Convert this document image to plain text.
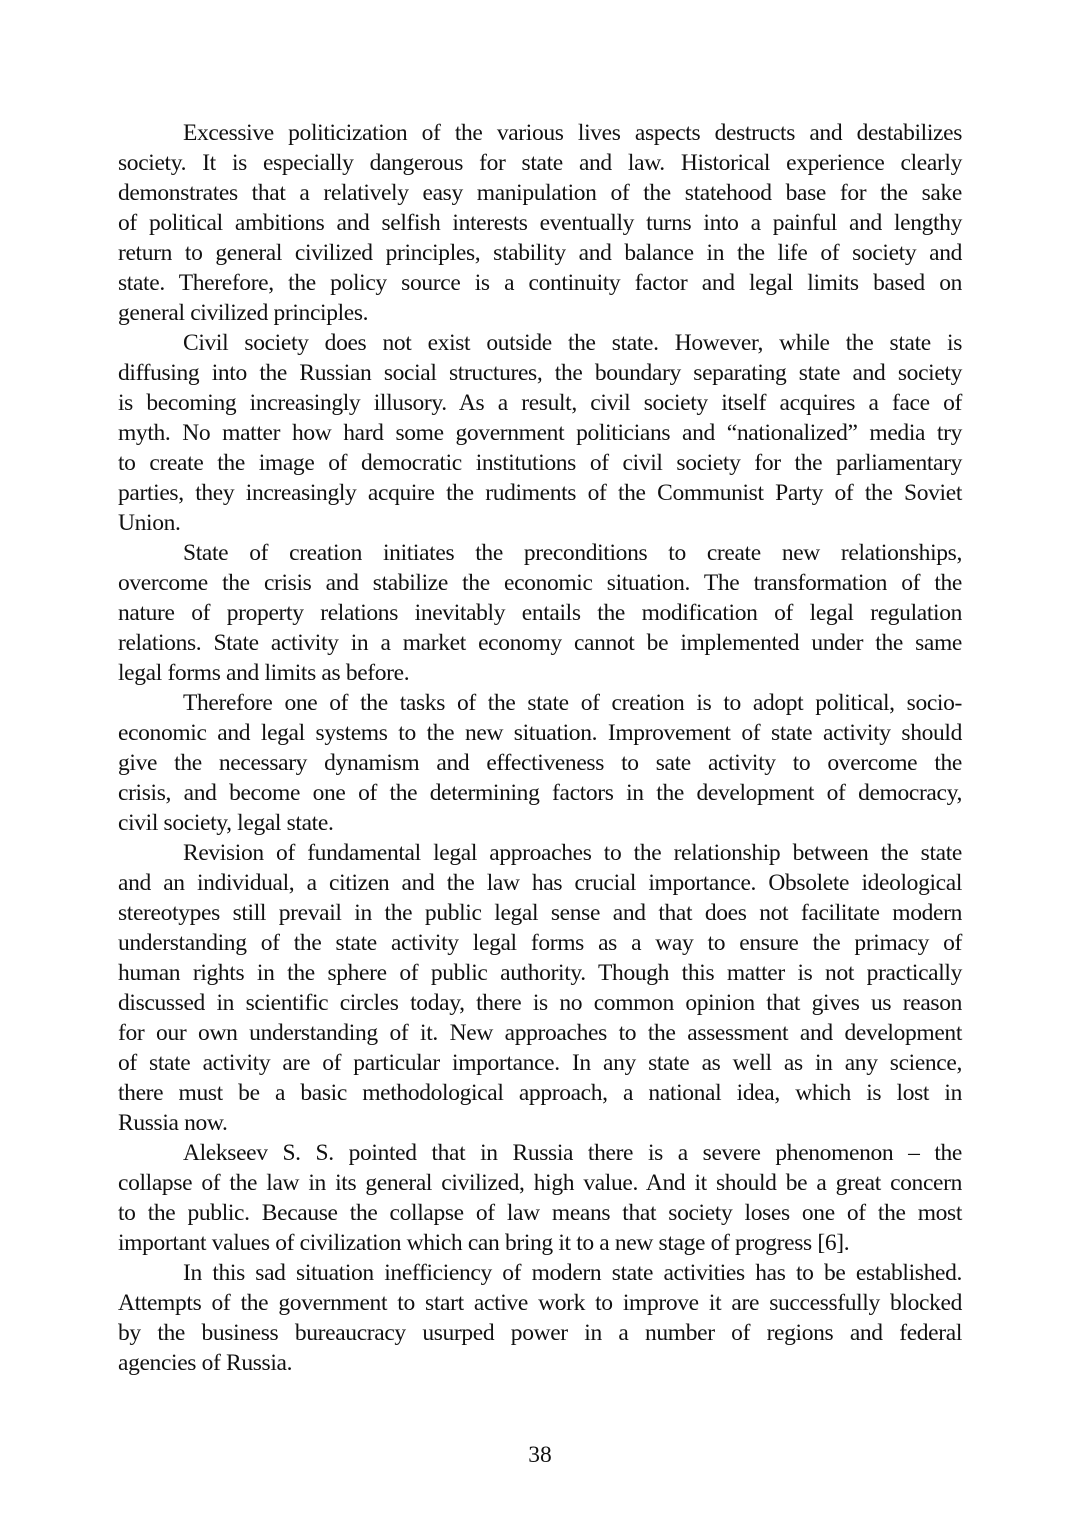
Excessive politicization of the various lives aspects destructs and destabilizes
society. It is especially dangerous for state and law. Historical experience clearly
demonstrates that a relatively easy manipulation of the statehood base for the sake
of political ambitions and selfish interests eventually turns into a painful and lengthy
return to general civilized principles, stability and balance in the life of society and
state. Therefore, the policy source is a continuity factor and legal limits based on
general civilized principles.

Civil society does not exist outside the state. However, while the state is
diffusing into the Russian social structures, the boundary separating state and society
is becoming increasingly illusory. As a result, civil society itself acquires a face of
myth. No matter how hard some government politicians and “nationalized” media try
to create the image of democratic institutions of civil society for the parliamentary
parties, they increasingly acquire the rudiments of the Communist Party of the Soviet
Union.

State of creation initiates the preconditions to create new relationships,
overcome the crisis and stabilize the economic situation. The transformation of the
nature of property relations inevitably entails the modification of legal regulation
relations. State activity in a market economy cannot be implemented under the same
legal forms and limits as before.

Therefore one of the tasks of the state of creation is to adopt political, socio-
economic and legal systems to the new situation. Improvement of state activity should
give the necessary dynamism and effectiveness to sate activity to overcome the
crisis, and become one of the determining factors in the development of democracy,
civil society, legal state.

Revision of fundamental legal approaches to the relationship between the state
and an individual, a citizen and the law has crucial importance. Obsolete ideological
stereotypes still prevail in the public legal sense and that does not facilitate modern
understanding of the state activity legal forms as a way to ensure the primacy of
human rights in the sphere of public authority. Though this matter is not practically
discussed in scientific circles today, there is no common opinion that gives us reason
for our own understanding of it. New approaches to the assessment and development
of state activity are of particular importance. In any state as well as in any science,
there must be a basic methodological approach, a national idea, which is lost in
Russia now.

Alekseev S. S. pointed that in Russia there is a severe phenomenon – the
collapse of the law in its general civilized, high value. And it should be a great concern
to the public. Because the collapse of law means that society loses one of the most
important values of civilization which can bring it to a new stage of progress [6].

In this sad situation inefficiency of modern state activities has to be established.
Attempts of the government to start active work to improve it are successfully blocked
by the business bureaucracy usurped power in a number of regions and federal
agencies of Russia.

38
